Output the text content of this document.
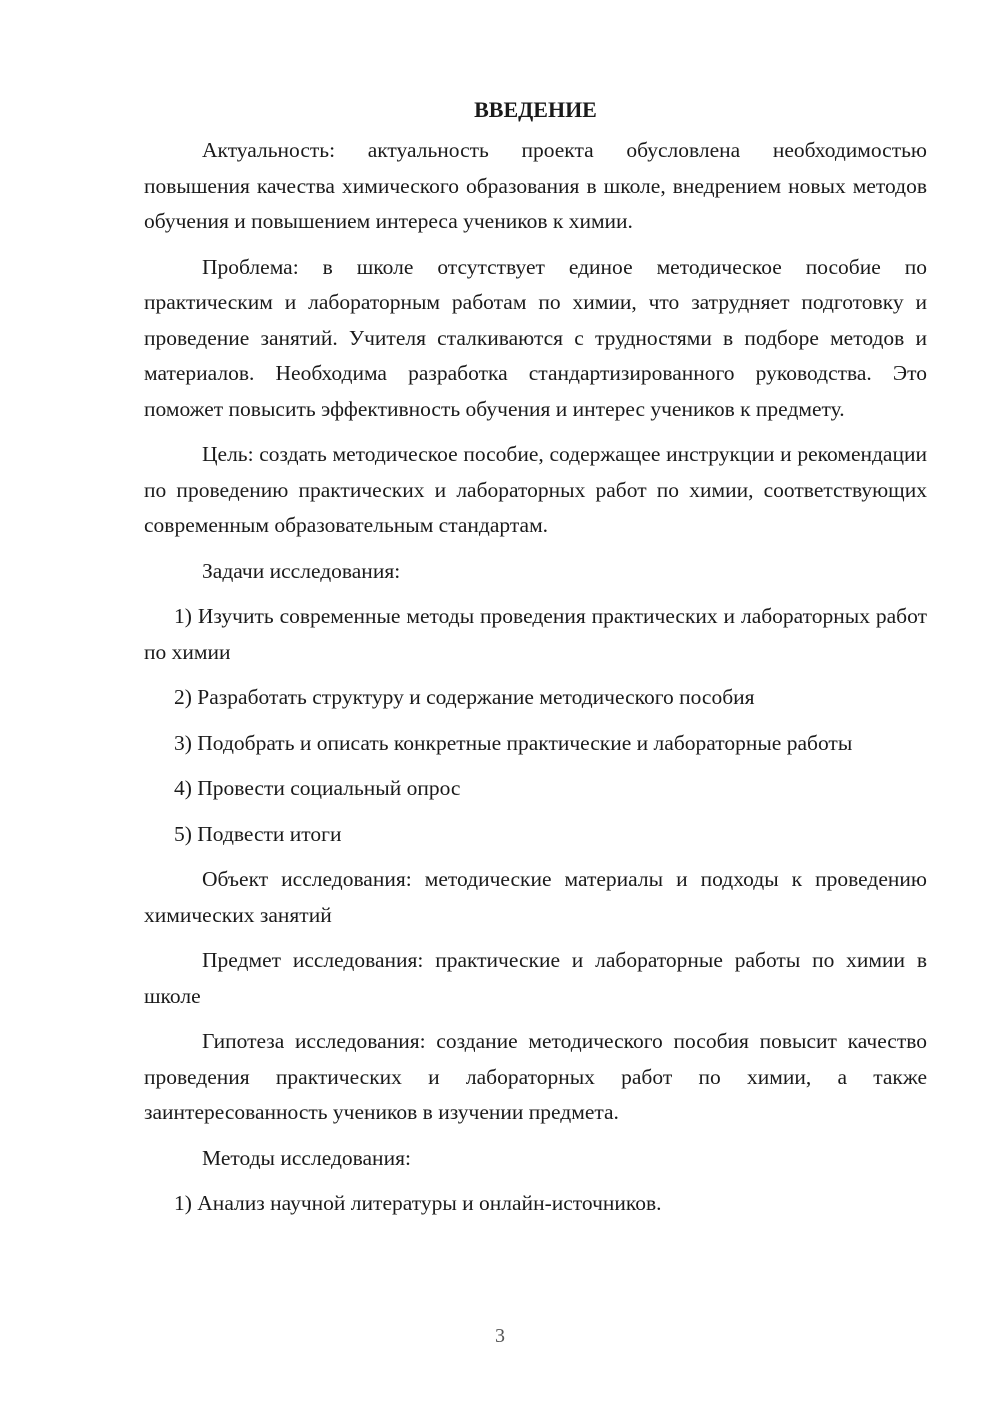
ВВЕДЕНИЕ

Актуальность: актуальность проекта обусловлена необходимостью повышения качества химического образования в школе, внедрением новых методов обучения и повышением интереса учеников к химии.

Проблема: в школе отсутствует единое методическое пособие по практическим и лабораторным работам по химии, что затрудняет подготовку и проведение занятий. Учителя сталкиваются с трудностями в подборе методов и материалов. Необходима разработка стандартизированного руководства. Это поможет повысить эффективность обучения и интерес учеников к предмету.

Цель: создать методическое пособие, содержащее инструкции и рекомендации по проведению практических и лабораторных работ по химии, соответствующих современным образовательным стандартам.

Задачи исследования:

1) Изучить современные методы проведения практических и лабораторных работ по химии

2) Разработать структуру и содержание методического пособия

3) Подобрать и описать конкретные практические и лабораторные работы

4) Провести социальный опрос

5) Подвести итоги

Объект исследования: методические материалы и подходы к проведению химических занятий

Предмет исследования: практические и лабораторные работы по химии в школе

Гипотеза исследования: создание методического пособия повысит качество проведения практических и лабораторных работ по химии, а также заинтересованность учеников в изучении предмета.

Методы исследования:

1) Анализ научной литературы и онлайн-источников.

3
